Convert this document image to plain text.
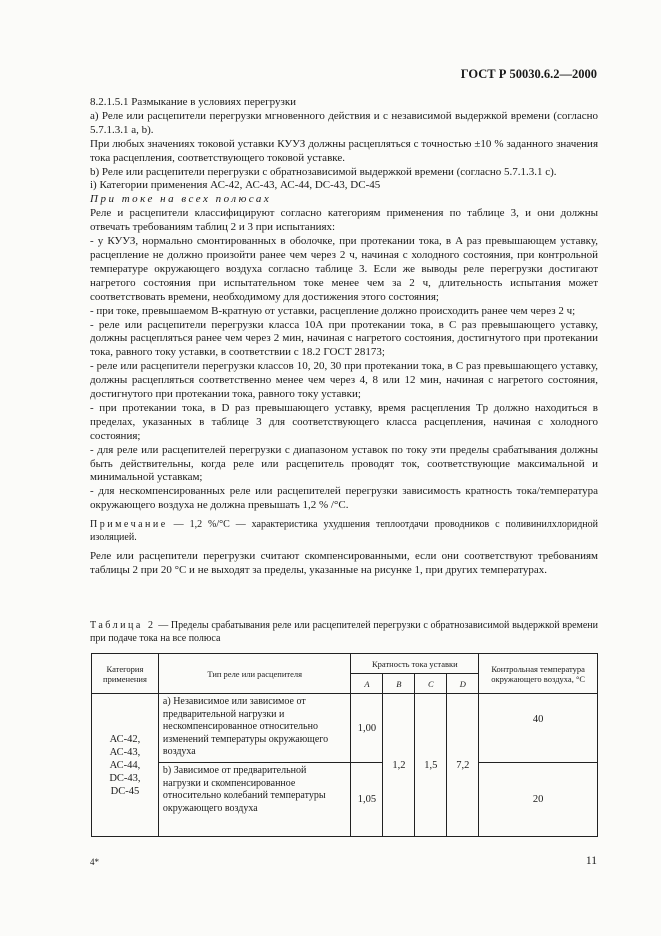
ГОСТ Р 50030.6.2—2000

8.2.1.5.1 Размыкание в условиях перегрузки

а) Реле или расцепители перегрузки мгновенного действия и с независимой выдержкой времени (согласно 5.7.1.3.1 а, b).

При любых значениях токовой уставки КУУЗ должны расцепляться с точностью ±10 % заданного значения тока расцепления, соответствующего токовой уставке.

b) Реле или расцепители перегрузки с обратнозависимой выдержкой времени (согласно 5.7.1.3.1 с).

i) Категории применения АС-42, АС-43, АС-44, DC-43, DC-45

При токе на всех полюсах

Реле и расцепители классифицируют согласно категориям применения по таблице 3, и они должны отвечать требованиям таблиц 2 и 3 при испытаниях:

- у КУУЗ, нормально смонтированных в оболочке, при протекании тока, в A раз превышающем уставку, расцепление не должно произойти ранее чем через 2 ч, начиная с холодного состояния, при контрольной температуре окружающего воздуха согласно таблице 3. Если же выводы реле перегрузки достигают нагретого состояния при испытательном токе менее чем за 2 ч, длительность испытания может соответствовать времени, необходимому для достижения этого состояния;

- при токе, превышаемом B-кратную от уставки, расцепление должно происходить ранее чем через 2 ч;

- реле или расцепители перегрузки класса 10А при протекании тока, в C раз превышающего уставку, должны расцепляться ранее чем через 2 мин, начиная с нагретого состояния, достигнутого при протекании тока, равного току уставки, в соответствии с 18.2 ГОСТ 28173;

- реле или расцепители перегрузки классов 10, 20, 30 при протекании тока, в C раз превышающего уставку, должны расцепляться соответственно менее чем через 4, 8 или 12 мин, начиная с нагретого состояния, достигнутого при протекании тока, равного току уставки;

- при протекании тока, в D раз превышающего уставку, время расцепления Tр должно находиться в пределах, указанных в таблице 3 для соответствующего класса расцепления, начиная с холодного состояния;

- для реле или расцепителей перегрузки с диапазоном уставок по току эти пределы срабатывания должны быть действительны, когда реле или расцепитель проводят ток, соответствующие максимальной и минимальной уставкам;

- для нескомпенсированных реле или расцепителей перегрузки зависимость кратность тока/температура окружающего воздуха не должна превышать 1,2 % /°С.

Примечание — 1,2 %/°С — характеристика ухудшения теплоотдачи проводников с поливинилхлоридной изоляцией.

Реле или расцепители перегрузки считают скомпенсированными, если они соответствуют требованиям таблицы 2 при 20 °С и не выходят за пределы, указанные на рисунке 1, при других температурах.

Таблица 2 — Пределы срабатывания реле или расцепителей перегрузки с обратнозависимой выдержкой времени при подаче тока на все полюса
Категория применения	Тип реле или расцепителя	Кратность тока уставки				Контрольная температура окружающего воздуха, °С
		A	B	C	D	

АС-42,
АС-43,
АС-44,
DC-43,
DC-45	а) Независимое или зависимое от предварительной нагрузки и нескомпенсированное относительно изменений температуры окружающего воздуха	1,00	1,2	1,5	7,2	40
	b) Зависимое от предварительной нагрузки и скомпенсированное относительно колебаний температуры окружающего воздуха	1,05				20
4*	11
